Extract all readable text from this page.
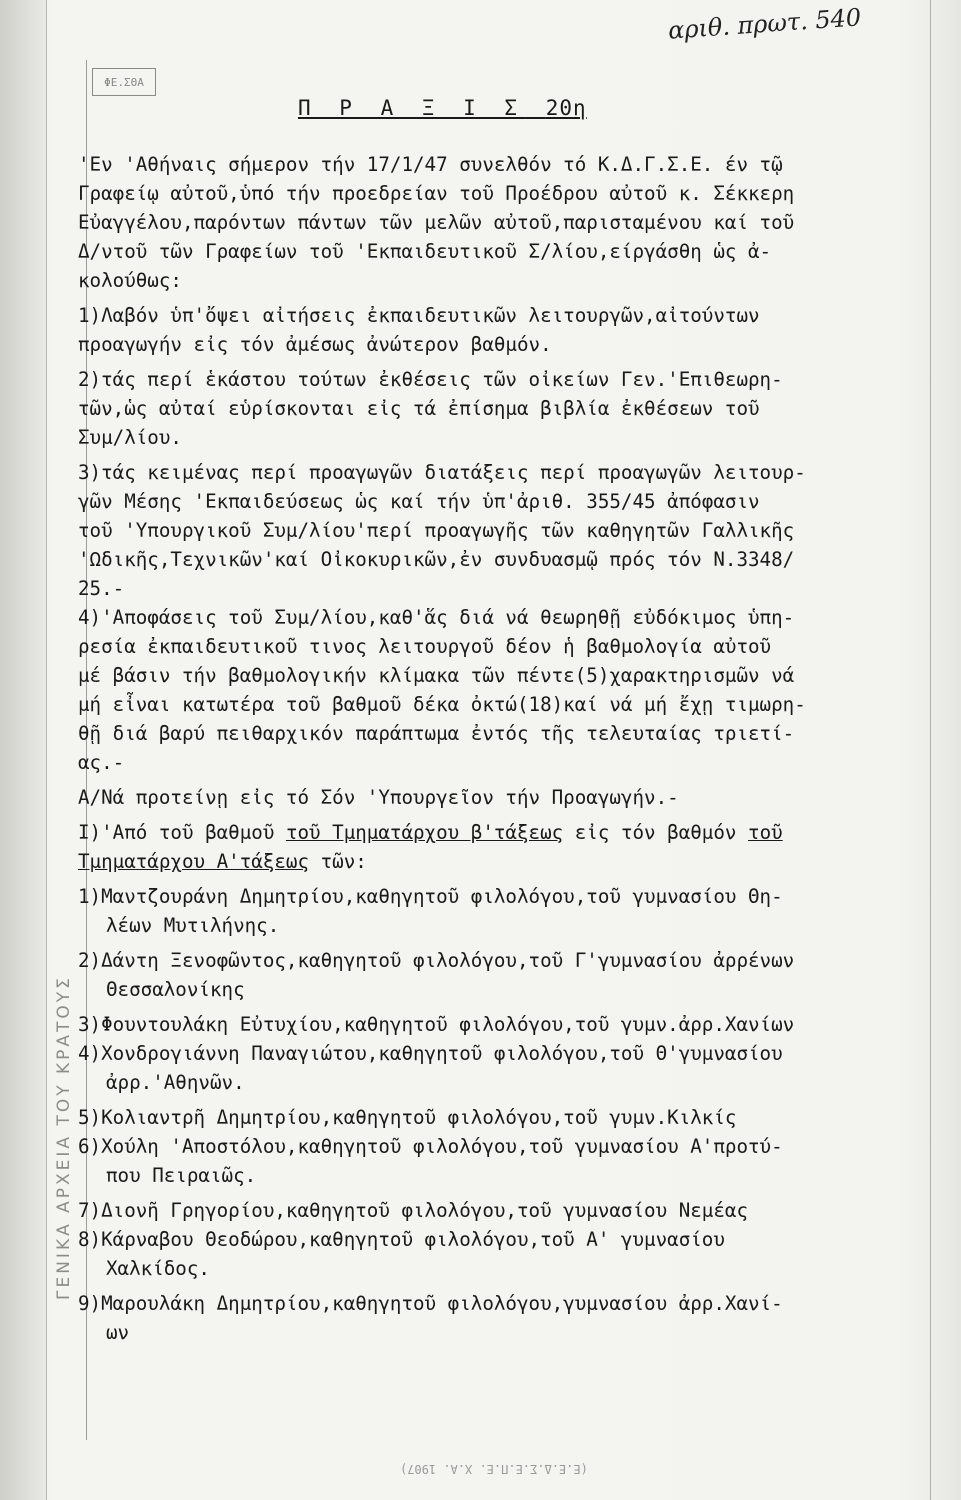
ΓΕΝΙΚΑ ΑΡΧΕΙΑ ΤΟΥ ΚΡΑΤΟΥΣ
ΦΕ.ΣΘΑ
αριθ. πρωτ. 540
Π Ρ Α Ξ Ι Σ 20η
'Εν 'Αθήναις σήμερον τήν 17/1/47 συνελθόν τό Κ.Δ.Γ.Σ.Ε. έν τῷ
Γραφείῳ αὐτοῦ,ὑπό τήν προεδρείαν τοῦ Προέδρου αὐτοῦ κ. Σέκκερη
Εὐαγγέλου,παρόντων πάντων τῶν μελῶν αὐτοῦ,παρισταμένου καί τοῦ
Δ/ντοῦ τῶν Γραφείων τοῦ 'Εκπαιδευτικοῦ Σ/λίου,είργάσθη ὡς ἀ-
κολούθως:
1)Λαβόν ὑπ'ὄψει αἰτήσεις ἐκπαιδευτικῶν λειτουργῶν,αἰτούντων
προαγωγήν εἰς τόν ἀμέσως ἀνώτερον βαθμόν.
2)τάς περί ἑκάστου τούτων ἐκθέσεις τῶν οἰκείων Γεν.'Επιθεωρη-
τῶν,ὡς αὐταί εὑρίσκονται εἰς τά ἐπίσημα βιβλία ἐκθέσεων τοῦ
Συμ/λίου.
3)τάς κειμένας περί προαγωγῶν διατάξεις περί προαγωγῶν λειτουρ-
γῶν Μέσης 'Εκπαιδεύσεως ὡς καί τήν ὑπ'ἀριθ. 355/45 ἀπόφασιν
τοῦ 'Υπουργικοῦ Συμ/λίου'περί προαγωγῆς τῶν καθηγητῶν Γαλλικῆς
'Ωδικῆς,Τεχνικῶν'καί Οἰκοκυρικῶν,ἐν συνδυασμῷ πρός τόν Ν.3348/
25.-
4)'Αποφάσεις τοῦ Συμ/λίου,καθ'ἅς διά νά θεωρηθῇ εὐδόκιμος ὑπη-
ρεσία ἐκπαιδευτικοῦ τινος λειτουργοῦ δέον ἡ βαθμολογία αὐτοῦ
μέ βάσιν τήν βαθμολογικήν κλίμακα τῶν πέντε(5)χαρακτηρισμῶν νά
μή εἶναι κατωτέρα τοῦ βαθμοῦ δέκα ὀκτώ(18)καί νά μή ἔχῃ τιμωρη-
θῇ διά βαρύ πειθαρχικόν παράπτωμα ἐντός τῆς τελευταίας τριετί-
ας.-
Α/Νά προτείνῃ εἰς τό Σόν 'Υπουργεῖον τήν Προαγωγήν.-
Ι)'Από τοῦ βαθμοῦ τοῦ Τμηματάρχου β'τάξεως εἰς τόν βαθμόν τοῦ
Τμηματάρχου Α'τάξεως τῶν:
1)Μαντζουράνη Δημητρίου,καθηγητοῦ φιλολόγου,τοῦ γυμνασίου Θη-
λέων Μυτιλήνης.
2)Δάντη Ξενοφῶντος,καθηγητοῦ φιλολόγου,τοῦ Γ'γυμνασίου ἀρρένων
Θεσσαλονίκης
3)Φουντουλάκη Εὐτυχίου,καθηγητοῦ φιλολόγου,τοῦ γυμν.ἀρρ.Χανίων
4)Χονδρογιάννη Παναγιώτου,καθηγητοῦ φιλολόγου,τοῦ Θ'γυμνασίου
ἀρρ.'Αθηνῶν.
5)Κολιαντρῆ Δημητρίου,καθηγητοῦ φιλολόγου,τοῦ γυμν.Κιλκίς
6)Χούλη 'Αποστόλου,καθηγητοῦ φιλολόγου,τοῦ γυμνασίου Α'προτύ-
που Πειραιῶς.
7)Διονῆ Γρηγορίου,καθηγητοῦ φιλολόγου,τοῦ γυμνασίου Νεμέας
8)Κάρναβου Θεοδώρου,καθηγητοῦ φιλολόγου,τοῦ Α' γυμνασίου
Χαλκίδος.
9)Μαρουλάκη Δημητρίου,καθηγητοῦ φιλολόγου,γυμνασίου ἀρρ.Χανί-
ων
(Ε.Ε.Δ.Σ.Ε.Π.Ε. Χ.Α. 1907)
